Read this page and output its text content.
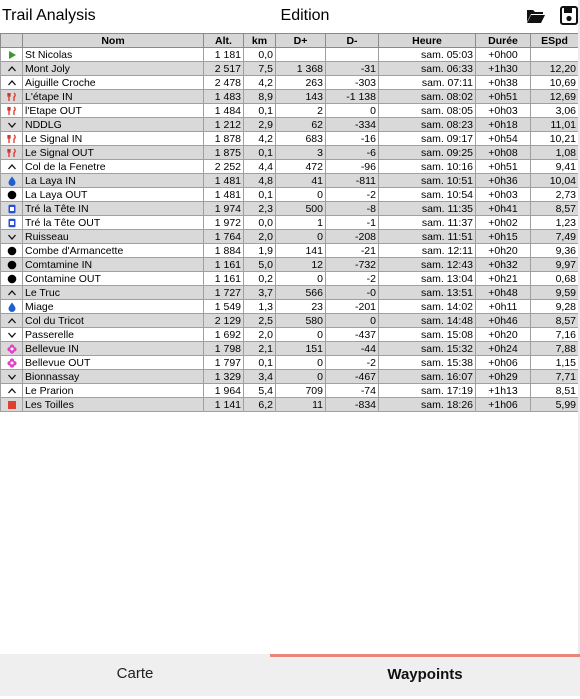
Trail Analysis	Edition
	Nom	Alt.	km	D+	D-	Heure	Durée	ESpd
	St Nicolas	1 181	0,0			sam. 05:03	+0h00	
	Mont Joly	2 517	7,5	1 368	-31	sam. 06:33	+1h30	12,20
	Aiguille Croche	2 478	4,2	263	-303	sam. 07:11	+0h38	10,69
	L'étape IN	1 483	8,9	143	-1 138	sam. 08:02	+0h51	12,69
	l'Etape OUT	1 484	0,1	2	0	sam. 08:05	+0h03	3,06
	NDDLG	1 212	2,9	62	-334	sam. 08:23	+0h18	11,01
	Le Signal IN	1 878	4,2	683	-16	sam. 09:17	+0h54	10,21
	Le Signal OUT	1 875	0,1	3	-6	sam. 09:25	+0h08	1,08
	Col de la Fenetre	2 252	4,4	472	-96	sam. 10:16	+0h51	9,41
	La Laya IN	1 481	4,8	41	-811	sam. 10:51	+0h36	10,04
	La Laya OUT	1 481	0,1	0	-2	sam. 10:54	+0h03	2,73
	Tré la Tête IN	1 974	2,3	500	-8	sam. 11:35	+0h41	8,57
	Tré la Tête OUT	1 972	0,0	1	-1	sam. 11:37	+0h02	1,23
	Ruisseau	1 764	2,0	0	-208	sam. 11:51	+0h15	7,49
	Combe d'Armancette	1 884	1,9	141	-21	sam. 12:11	+0h20	9,36
	Comtamine IN	1 161	5,0	12	-732	sam. 12:43	+0h32	9,97
	Contamine OUT	1 161	0,2	0	-2	sam. 13:04	+0h21	0,68
	Le Truc	1 727	3,7	566	-0	sam. 13:51	+0h48	9,59
	Miage	1 549	1,3	23	-201	sam. 14:02	+0h11	9,28
	Col du Tricot	2 129	2,5	580	0	sam. 14:48	+0h46	8,57
	Passerelle	1 692	2,0	0	-437	sam. 15:08	+0h20	7,16
	Bellevue IN	1 798	2,1	151	-44	sam. 15:32	+0h24	7,88
	Bellevue OUT	1 797	0,1	0	-2	sam. 15:38	+0h06	1,15
	Bionnassay	1 329	3,4	0	-467	sam. 16:07	+0h29	7,71
	Le Prarion	1 964	5,4	709	-74	sam. 17:19	+1h13	8,51
	Les Toilles	1 141	6,2	11	-834	sam. 18:26	+1h06	5,99
Carte	Waypoints
